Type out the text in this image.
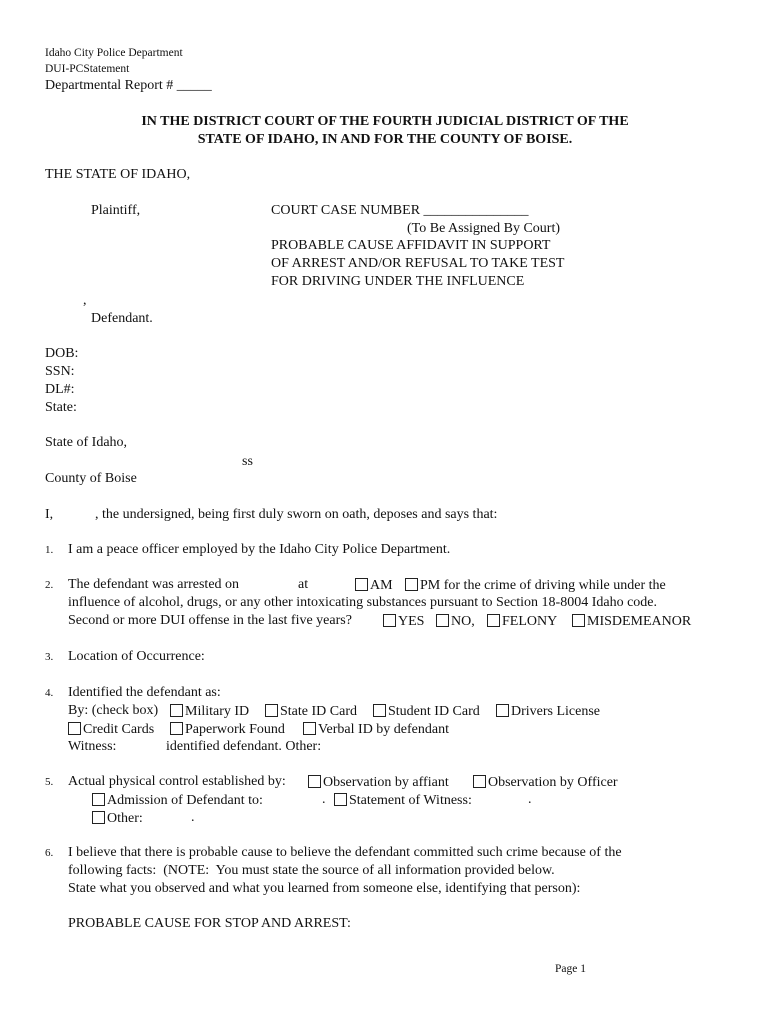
Idaho City Police Department
DUI-PCStatement
Departmental Report # _____
IN THE DISTRICT COURT OF THE FOURTH JUDICIAL DISTRICT OF THE
STATE OF IDAHO, IN AND FOR THE COUNTY OF BOISE.
THE STATE OF IDAHO,
Plaintiff,	COURT CASE NUMBER _______________
(To Be Assigned By Court)
PROBABLE CAUSE AFFIDAVIT IN SUPPORT
OF ARREST AND/OR REFUSAL TO TAKE TEST
FOR DRIVING UNDER THE INFLUENCE
,
Defendant.
DOB:
SSN:
DL#:
State:
State of Idaho,
ss
County of Boise
I,	, the undersigned, being first duly sworn on oath, deposes and says that:
1. I am a peace officer employed by the Idaho City Police Department.
2. The defendant was arrested on	at	AM	PM for the crime of driving while under the
influence of alcohol, drugs, or any other intoxicating substances pursuant to Section 18-8004 Idaho code.
Second or more DUI offense in the last five years?	YES	NO,	FELONY	MISDEMEANOR
3. Location of Occurrence:
4. Identified the defendant as:
By: (check box)	Military ID	State ID Card	Student ID Card	Drivers License
Credit Cards	Paperwork Found	Verbal ID by defendant
Witness:	identified defendant. Other:
5. Actual physical control established by:	Observation by affiant	Observation by Officer
Admission of Defendant to:	.	Statement of Witness:	.
Other:	.
6. I believe that there is probable cause to believe the defendant committed such crime because of the
following facts:  (NOTE:  You must state the source of all information provided below.
State what you observed and what you learned from someone else, identifying that person):
PROBABLE CAUSE FOR STOP AND ARREST:
Page 1
